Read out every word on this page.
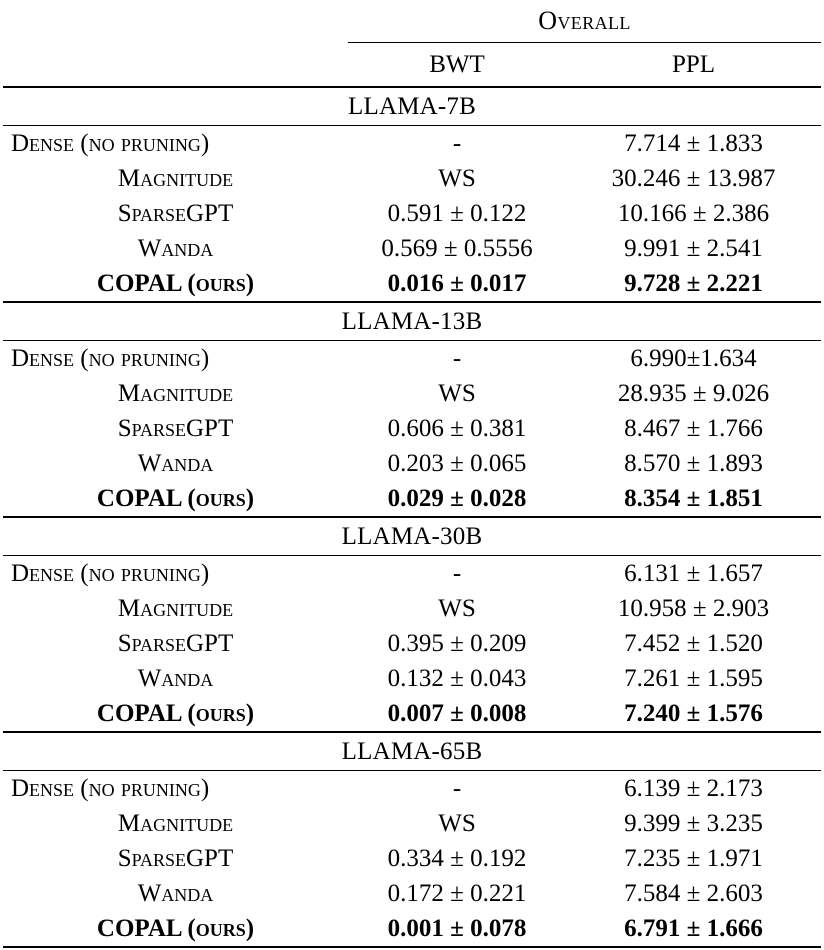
	Overall	

	BWT	PPL

LLAMA-7B		

Dense (no pruning)	-	7.714 ± 1.833
Magnitude	WS	30.246 ± 13.987
SparseGPT	0.591 ± 0.122	10.166 ± 2.386
Wanda	0.569 ± 0.5556	9.991 ± 2.541
COPAL (ours)	0.016 ± 0.017	9.728 ± 2.221

LLAMA-13B		

Dense (no pruning)	-	6.990±1.634
Magnitude	WS	28.935 ± 9.026
SparseGPT	0.606 ± 0.381	8.467 ± 1.766
Wanda	0.203 ± 0.065	8.570 ± 1.893
COPAL (ours)	0.029 ± 0.028	8.354 ± 1.851

LLAMA-30B		

Dense (no pruning)	-	6.131 ± 1.657
Magnitude	WS	10.958 ± 2.903
SparseGPT	0.395 ± 0.209	7.452 ± 1.520
Wanda	0.132 ± 0.043	7.261 ± 1.595
COPAL (ours)	0.007 ± 0.008	7.240 ± 1.576

LLAMA-65B		

Dense (no pruning)	-	6.139 ± 2.173
Magnitude	WS	9.399 ± 3.235
SparseGPT	0.334 ± 0.192	7.235 ± 1.971
Wanda	0.172 ± 0.221	7.584 ± 2.603
COPAL (ours)	0.001 ± 0.078	6.791 ± 1.666
